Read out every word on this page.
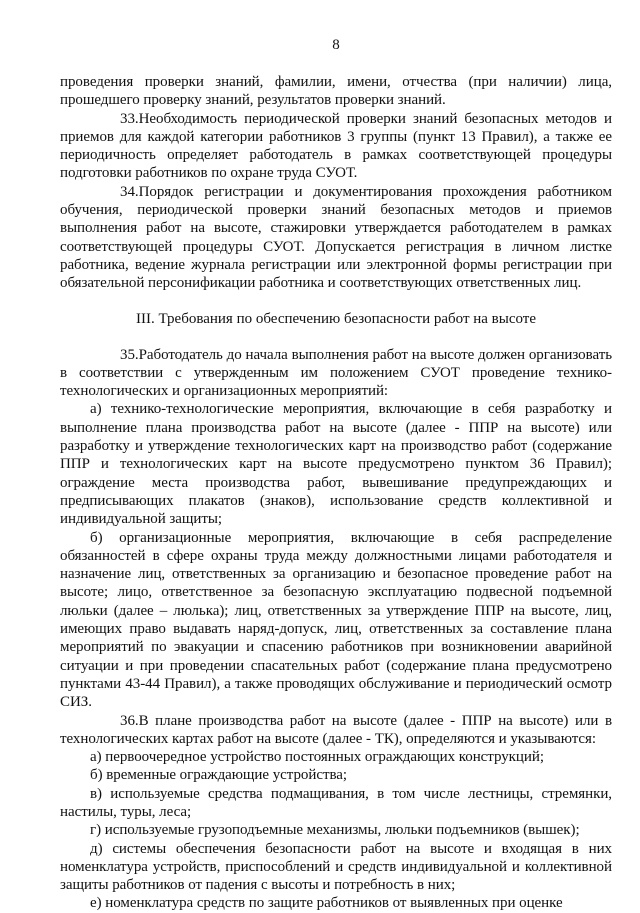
8

проведения проверки знаний, фамилии, имени, отчества (при наличии) лица, прошедшего проверку знаний, результатов проверки знаний.

33.Необходимость периодической проверки знаний безопасных методов и приемов для каждой категории работников 3 группы (пункт 13 Правил), а также ее периодичность определяет работодатель в рамках соответствующей процедуры подготовки работников по охране труда СУОТ.

34.Порядок регистрации и документирования прохождения работником обучения, периодической проверки знаний безопасных методов и приемов выполнения работ на высоте, стажировки утверждается работодателем в рамках соответствующей процедуры СУОТ. Допускается регистрация в личном листке работника, ведение журнала регистрации или электронной формы регистрации при обязательной персонификации работника и соответствующих ответственных лиц.

III. Требования по обеспечению безопасности работ на высоте

35.Работодатель до начала выполнения работ на высоте должен организовать в соответствии с утвержденным им положением СУОТ проведение технико-технологических и организационных мероприятий:

а) технико-технологические мероприятия, включающие в себя разработку и выполнение плана производства работ на высоте (далее - ППР на высоте) или разработку и утверждение технологических карт на производство работ (содержание ППР и технологических карт на высоте предусмотрено пунктом 36 Правил); ограждение места производства работ, вывешивание предупреждающих и предписывающих плакатов (знаков), использование средств коллективной и индивидуальной защиты;

б) организационные мероприятия, включающие в себя распределение обязанностей в сфере охраны труда между должностными лицами работодателя и назначение лиц, ответственных за организацию и безопасное проведение работ на высоте; лицо, ответственное за безопасную эксплуатацию подвесной подъемной люльки (далее – люлька); лиц, ответственных за утверждение ППР на высоте, лиц, имеющих право выдавать наряд-допуск, лиц, ответственных за составление плана мероприятий по эвакуации и спасению работников при возникновении аварийной ситуации и при проведении спасательных работ (содержание плана предусмотрено пунктами 43-44 Правил), а также проводящих обслуживание и периодический осмотр СИЗ.

36.В плане производства работ на высоте (далее - ППР на высоте) или в технологических картах работ на высоте (далее - ТК), определяются и указываются:

а) первоочередное устройство постоянных ограждающих конструкций;

б) временные ограждающие устройства;

в) используемые средства подмащивания, в том числе лестницы, стремянки, настилы, туры, леса;

г) используемые грузоподъемные механизмы, люльки подъемников (вышек);

д) системы обеспечения безопасности работ на высоте и входящая в них номенклатура устройств, приспособлений и средств индивидуальной и коллективной защиты работников от падения с высоты и потребность в них;

е) номенклатура средств по защите работников от выявленных при оценке
